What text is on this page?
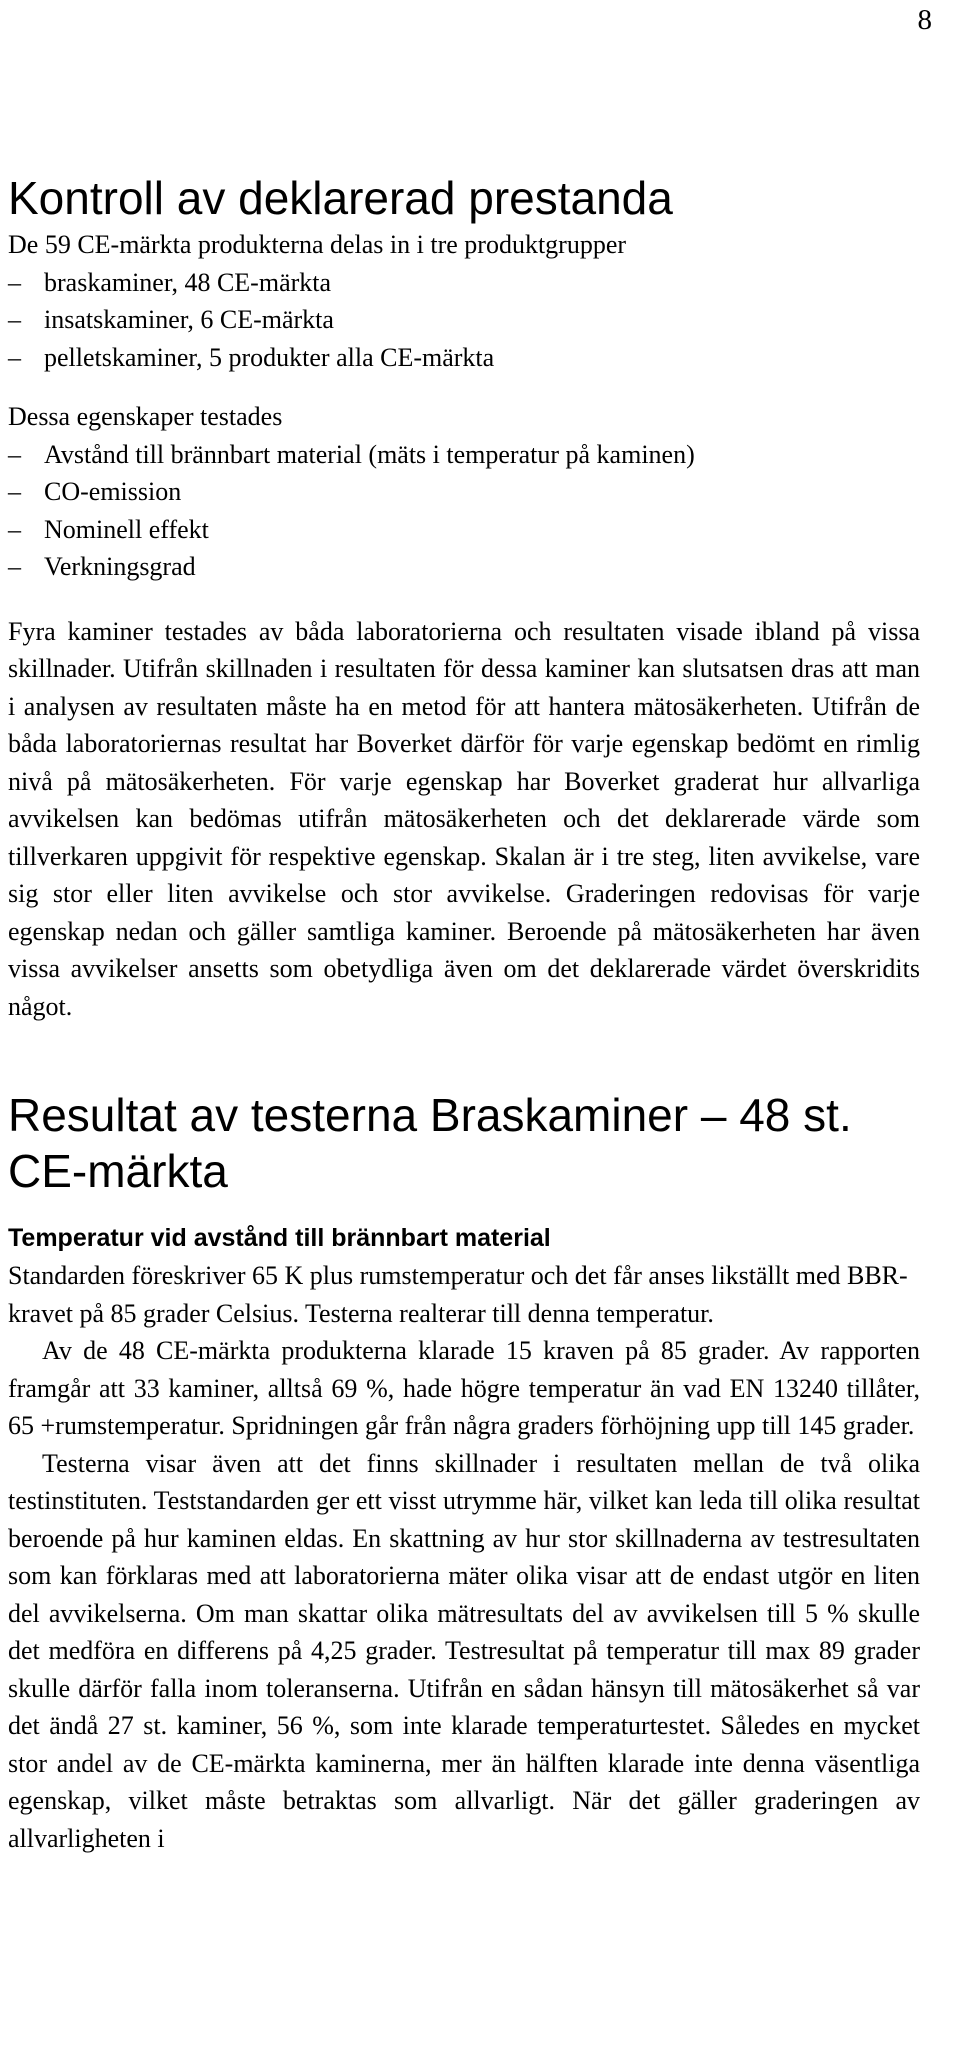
8
Kontroll av deklarerad prestanda

De 59 CE-märkta produkterna delas in i tre produktgrupper

– braskaminer, 48 CE-märkta
– insatskaminer, 6 CE-märkta
– pelletskaminer, 5 produkter alla CE-märkta

Dessa egenskaper testades

– Avstånd till brännbart material (mäts i temperatur på kaminen)
– CO-emission
– Nominell effekt
– Verkningsgrad

Fyra kaminer testades av båda laboratorierna och resultaten visade ibland på vissa skillnader. Utifrån skillnaden i resultaten för dessa kaminer kan slutsatsen dras att man i analysen av resultaten måste ha en metod för att hantera mätosäkerheten. Utifrån de båda laboratoriernas resultat har Boverket därför för varje egenskap bedömt en rimlig nivå på mätosäkerheten. För varje egenskap har Boverket graderat hur allvarliga avvikelsen kan bedömas utifrån mätosäkerheten och det deklarerade värde som tillverkaren uppgivit för respektive egenskap. Skalan är i tre steg, liten avvikelse, vare sig stor eller liten avvikelse och stor avvikelse. Graderingen redovisas för varje egenskap nedan och gäller samtliga kaminer. Beroende på mätosäkerheten har även vissa avvikelser ansetts som obetydliga även om det deklarerade värdet överskridits något.

Resultat av testerna Braskaminer – 48 st. CE-märkta
Temperatur vid avstånd till brännbart material

Standarden föreskriver 65 K plus rumstemperatur och det får anses likställt med BBR-kravet på 85 grader Celsius. Testerna realterar till denna temperatur.

Av de 48 CE-märkta produkterna klarade 15 kraven på 85 grader. Av rapporten framgår att 33 kaminer, alltså 69 %, hade högre temperatur än vad EN 13240 tillåter, 65 +rumstemperatur. Spridningen går från några graders förhöjning upp till 145 grader.

Testerna visar även att det finns skillnader i resultaten mellan de två olika testinstituten. Teststandarden ger ett visst utrymme här, vilket kan leda till olika resultat beroende på hur kaminen eldas. En skattning av hur stor skillnaderna av testresultaten som kan förklaras med att laboratorierna mäter olika visar att de endast utgör en liten del avvikelserna. Om man skattar olika mätresultats del av avvikelsen till 5 % skulle det medföra en differens på 4,25 grader. Testresultat på temperatur till max 89 grader skulle därför falla inom toleranserna. Utifrån en sådan hänsyn till mätosäkerhet så var det ändå 27 st. kaminer, 56 %, som inte klarade temperaturtestet. Således en mycket stor andel av de CE-märkta kaminerna, mer än hälften klarade inte denna väsentliga egenskap, vilket måste betraktas som allvarligt. När det gäller graderingen av allvarligheten i
